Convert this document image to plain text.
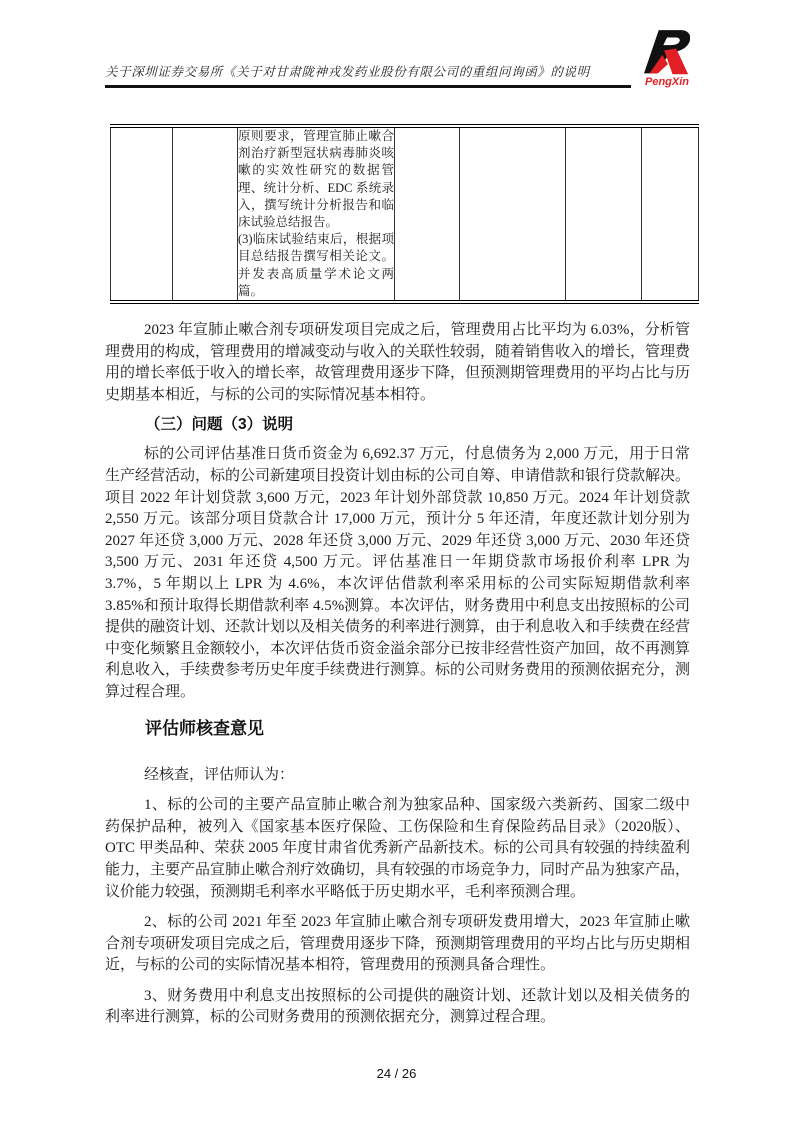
关于深圳证券交易所《关于对甘肃陇神戎发药业股份有限公司的重组问询函》的说明
PengXin

原则要求，管理宣肺止嗽合剂治疗新型冠状病毒肺炎咳嗽的实效性研究的数据管理、统计分析、EDC 系统录入，撰写统计分析报告和临床试验总结报告。
(3)临床试验结束后，根据项目总结报告撰写相关论文。并发表高质量学术论文两篇。

2023 年宣肺止嗽合剂专项研发项目完成之后，管理费用占比平均为 6.03%，分析管理费用的构成，管理费用的增减变动与收入的关联性较弱，随着销售收入的增长，管理费用的增长率低于收入的增长率，故管理费用逐步下降，但预测期管理费用的平均占比与历史期基本相近，与标的公司的实际情况基本相符。

（三）问题（3）说明

标的公司评估基准日货币资金为 6,692.37 万元，付息债务为 2,000 万元，用于日常生产经营活动，标的公司新建项目投资计划由标的公司自筹、申请借款和银行贷款解决。项目 2022 年计划贷款 3,600 万元，2023 年计划外部贷款 10,850 万元。2024 年计划贷款 2,550 万元。该部分项目贷款合计 17,000 万元，预计分 5 年还清，年度还款计划分别为 2027 年还贷 3,000 万元、2028 年还贷 3,000 万元、2029 年还贷 3,000 万元、2030 年还贷 3,500 万元、2031 年还贷 4,500 万元。评估基准日一年期贷款市场报价利率 LPR 为 3.7%，5 年期以上 LPR 为 4.6%，本次评估借款利率采用标的公司实际短期借款利率 3.85%和预计取得长期借款利率 4.5%测算。本次评估，财务费用中利息支出按照标的公司提供的融资计划、还款计划以及相关债务的利率进行测算，由于利息收入和手续费在经营中变化频繁且金额较小，本次评估货币资金溢余部分已按非经营性资产加回，故不再测算利息收入，手续费参考历史年度手续费进行测算。标的公司财务费用的预测依据充分，测算过程合理。

评估师核查意见

经核查，评估师认为：

1、标的公司的主要产品宣肺止嗽合剂为独家品种、国家级六类新药、国家二级中药保护品种，被列入《国家基本医疗保险、工伤保险和生育保险药品目录》（2020版）、OTC 甲类品种、荣获 2005 年度甘肃省优秀新产品新技术。标的公司具有较强的持续盈利能力，主要产品宣肺止嗽合剂疗效确切，具有较强的市场竞争力，同时产品为独家产品，议价能力较强，预测期毛利率水平略低于历史期水平，毛利率预测合理。

2、标的公司 2021 年至 2023 年宣肺止嗽合剂专项研发费用增大，2023 年宣肺止嗽合剂专项研发项目完成之后，管理费用逐步下降，预测期管理费用的平均占比与历史期相近，与标的公司的实际情况基本相符，管理费用的预测具备合理性。

3、财务费用中利息支出按照标的公司提供的融资计划、还款计划以及相关债务的利率进行测算，标的公司财务费用的预测依据充分，测算过程合理。

24 / 26
